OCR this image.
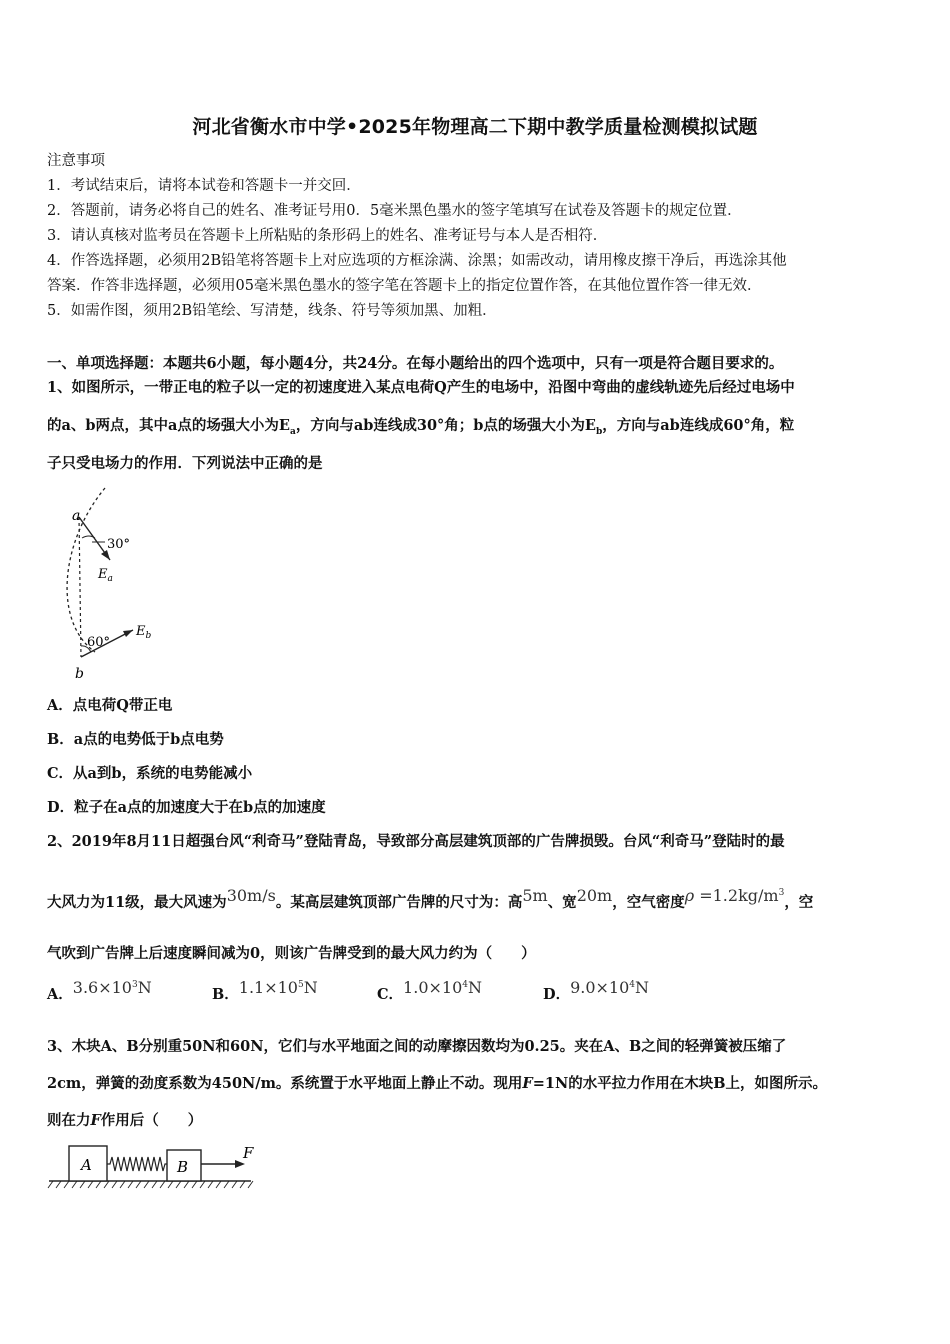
河北省衡水市中学•2025年物理高二下期中教学质量检测模拟试题
注意事项
1．考试结束后，请将本试卷和答题卡一并交回．
2．答题前，请务必将自己的姓名、准考证号用0．5毫米黑色墨水的签字笔填写在试卷及答题卡的规定位置．
3．请认真核对监考员在答题卡上所粘贴的条形码上的姓名、准考证号与本人是否相符．
4．作答选择题，必须用2B铅笔将答题卡上对应选项的方框涂满、涂黑；如需改动，请用橡皮擦干净后，再选涂其他
答案．作答非选择题，必须用05毫米黑色墨水的签字笔在答题卡上的指定位置作答，在其他位置作答一律无效．
5．如需作图，须用2B铅笔绘、写清楚，线条、符号等须加黑、加粗．
一、单项选择题：本题共6小题，每小题4分，共24分。在每小题给出的四个选项中，只有一项是符合题目要求的。
1、如图所示，一带正电的粒子以一定的初速度进入某点电荷Q产生的电场中，沿图中弯曲的虚线轨迹先后经过电场中
的a、b两点，其中a点的场强大小为$E_a$，方向与ab连线成30°角；b点的场强大小为$E_b$，方向与ab连线成60°角，粒
子只受电场力的作用．下列说法中正确的是
a
b
30°
60°
$E_a$
$E_b$
A．点电荷Q带正电
B．a点的电势低于b点电势
C．从a到b，系统的电势能减小
D．粒子在a点的加速度大于在b点的加速度
2、2019年8月11日超强台风“利奇马”登陆青岛，导致部分高层建筑顶部的广告牌损毁。台风“利奇马”登陆时的最
大风力为11级，最大风速为30m/s。某高层建筑顶部广告牌的尺寸为：高5m、宽20m，空气密度$\rho =1.2kg/m^3$，空
气吹到广告牌上后速度瞬间减为0，则该广告牌受到的最大风力约为（　　）
A．$3.6\times 10^3N$	B．$1.1\times 10^5N$	C．$1.0\times 10^4N$	D．$9.0\times 10^4N$
3、木块A、B分别重50N和60N，它们与水平地面之间的动摩擦因数均为0.25。夹在A、B之间的轻弹簧被压缩了
2cm，弹簧的劲度系数为450N/m。系统置于水平地面上静止不动。现用F=1N的水平拉力作用在木块B上，如图所示。
则在力F作用后（　　）
A	B
F
